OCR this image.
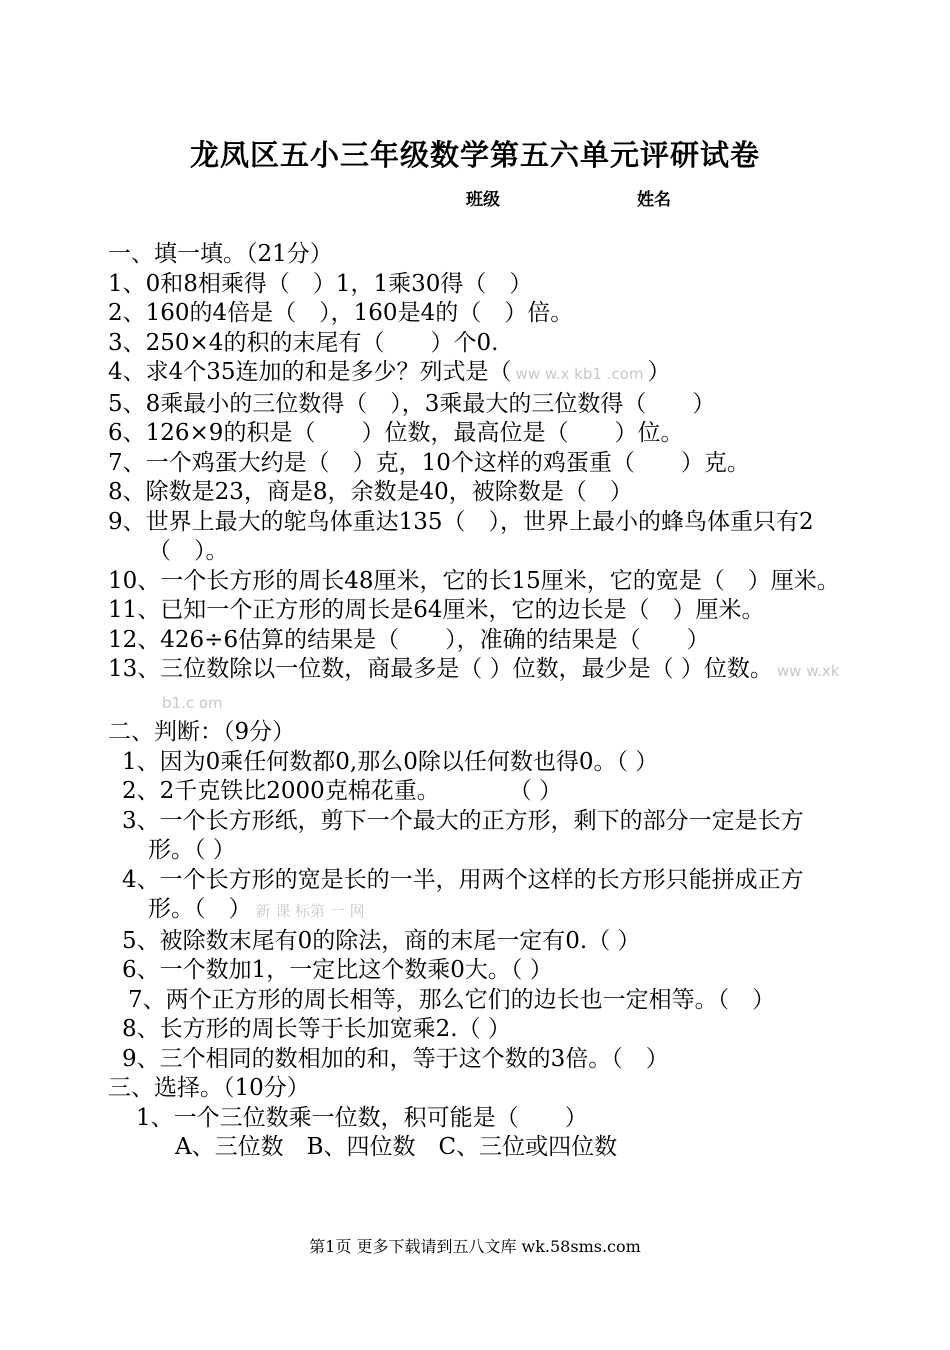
龙凤区五小三年级数学第五六单元评研试卷
班级	姓名

一、填一填。（21分）

1、0和8相乘得（　）1，1乘30得（　）

2、160的4倍是（　），160是4的（　）倍。

3、250×4的积的末尾有（　　）个0.

4、求4个35连加的和是多少？列式是（ ww w.x kb1 .com ）

5、8乘最小的三位数得（　），3乘最大的三位数得（　　）

6、126×9的积是（　　）位数，最高位是（　　）位。

7、一个鸡蛋大约是（　）克，10个这样的鸡蛋重（　　）克。

8、除数是23，商是8，余数是40，被除数是（　）

9、世界上最大的鸵鸟体重达135（　），世界上最小的蜂鸟体重只有2（　）。

10、一个长方形的周长48厘米，它的长15厘米，它的宽是（　）厘米。

11、已知一个正方形的周长是64厘米，它的边长是（　）厘米。

12、426÷6估算的结果是（　　），准确的结果是（　　）

13、三位数除以一位数，商最多是（ ）位数，最少是（ ）位数。 ww w.xk b1.c om

二、判断：（9分）

1、因为0乘任何数都0,那么0除以任何数也得0。（ ）

2、2千克铁比2000克棉花重。　　　　（ ）

3、一个长方形纸，剪下一个最大的正方形，剩下的部分一定是长方形。（ ）

4、一个长方形的宽是长的一半，用两个这样的长方形只能拼成正方形。（　） 新 课 标第 一 网

5、被除数末尾有0的除法，商的末尾一定有0.（ ）

6、一个数加1，一定比这个数乘0大。（ ）

7、两个正方形的周长相等，那么它们的边长也一定相等。（　）

8、长方形的周长等于长加宽乘2.（ ）

9、三个相同的数相加的和，等于这个数的3倍。（　）

三、选择。（10分）

1、一个三位数乘一位数，积可能是（　　）

A、三位数　B、四位数　C、三位或四位数

第1页 更多下载请到五八文库 wk.58sms.com
